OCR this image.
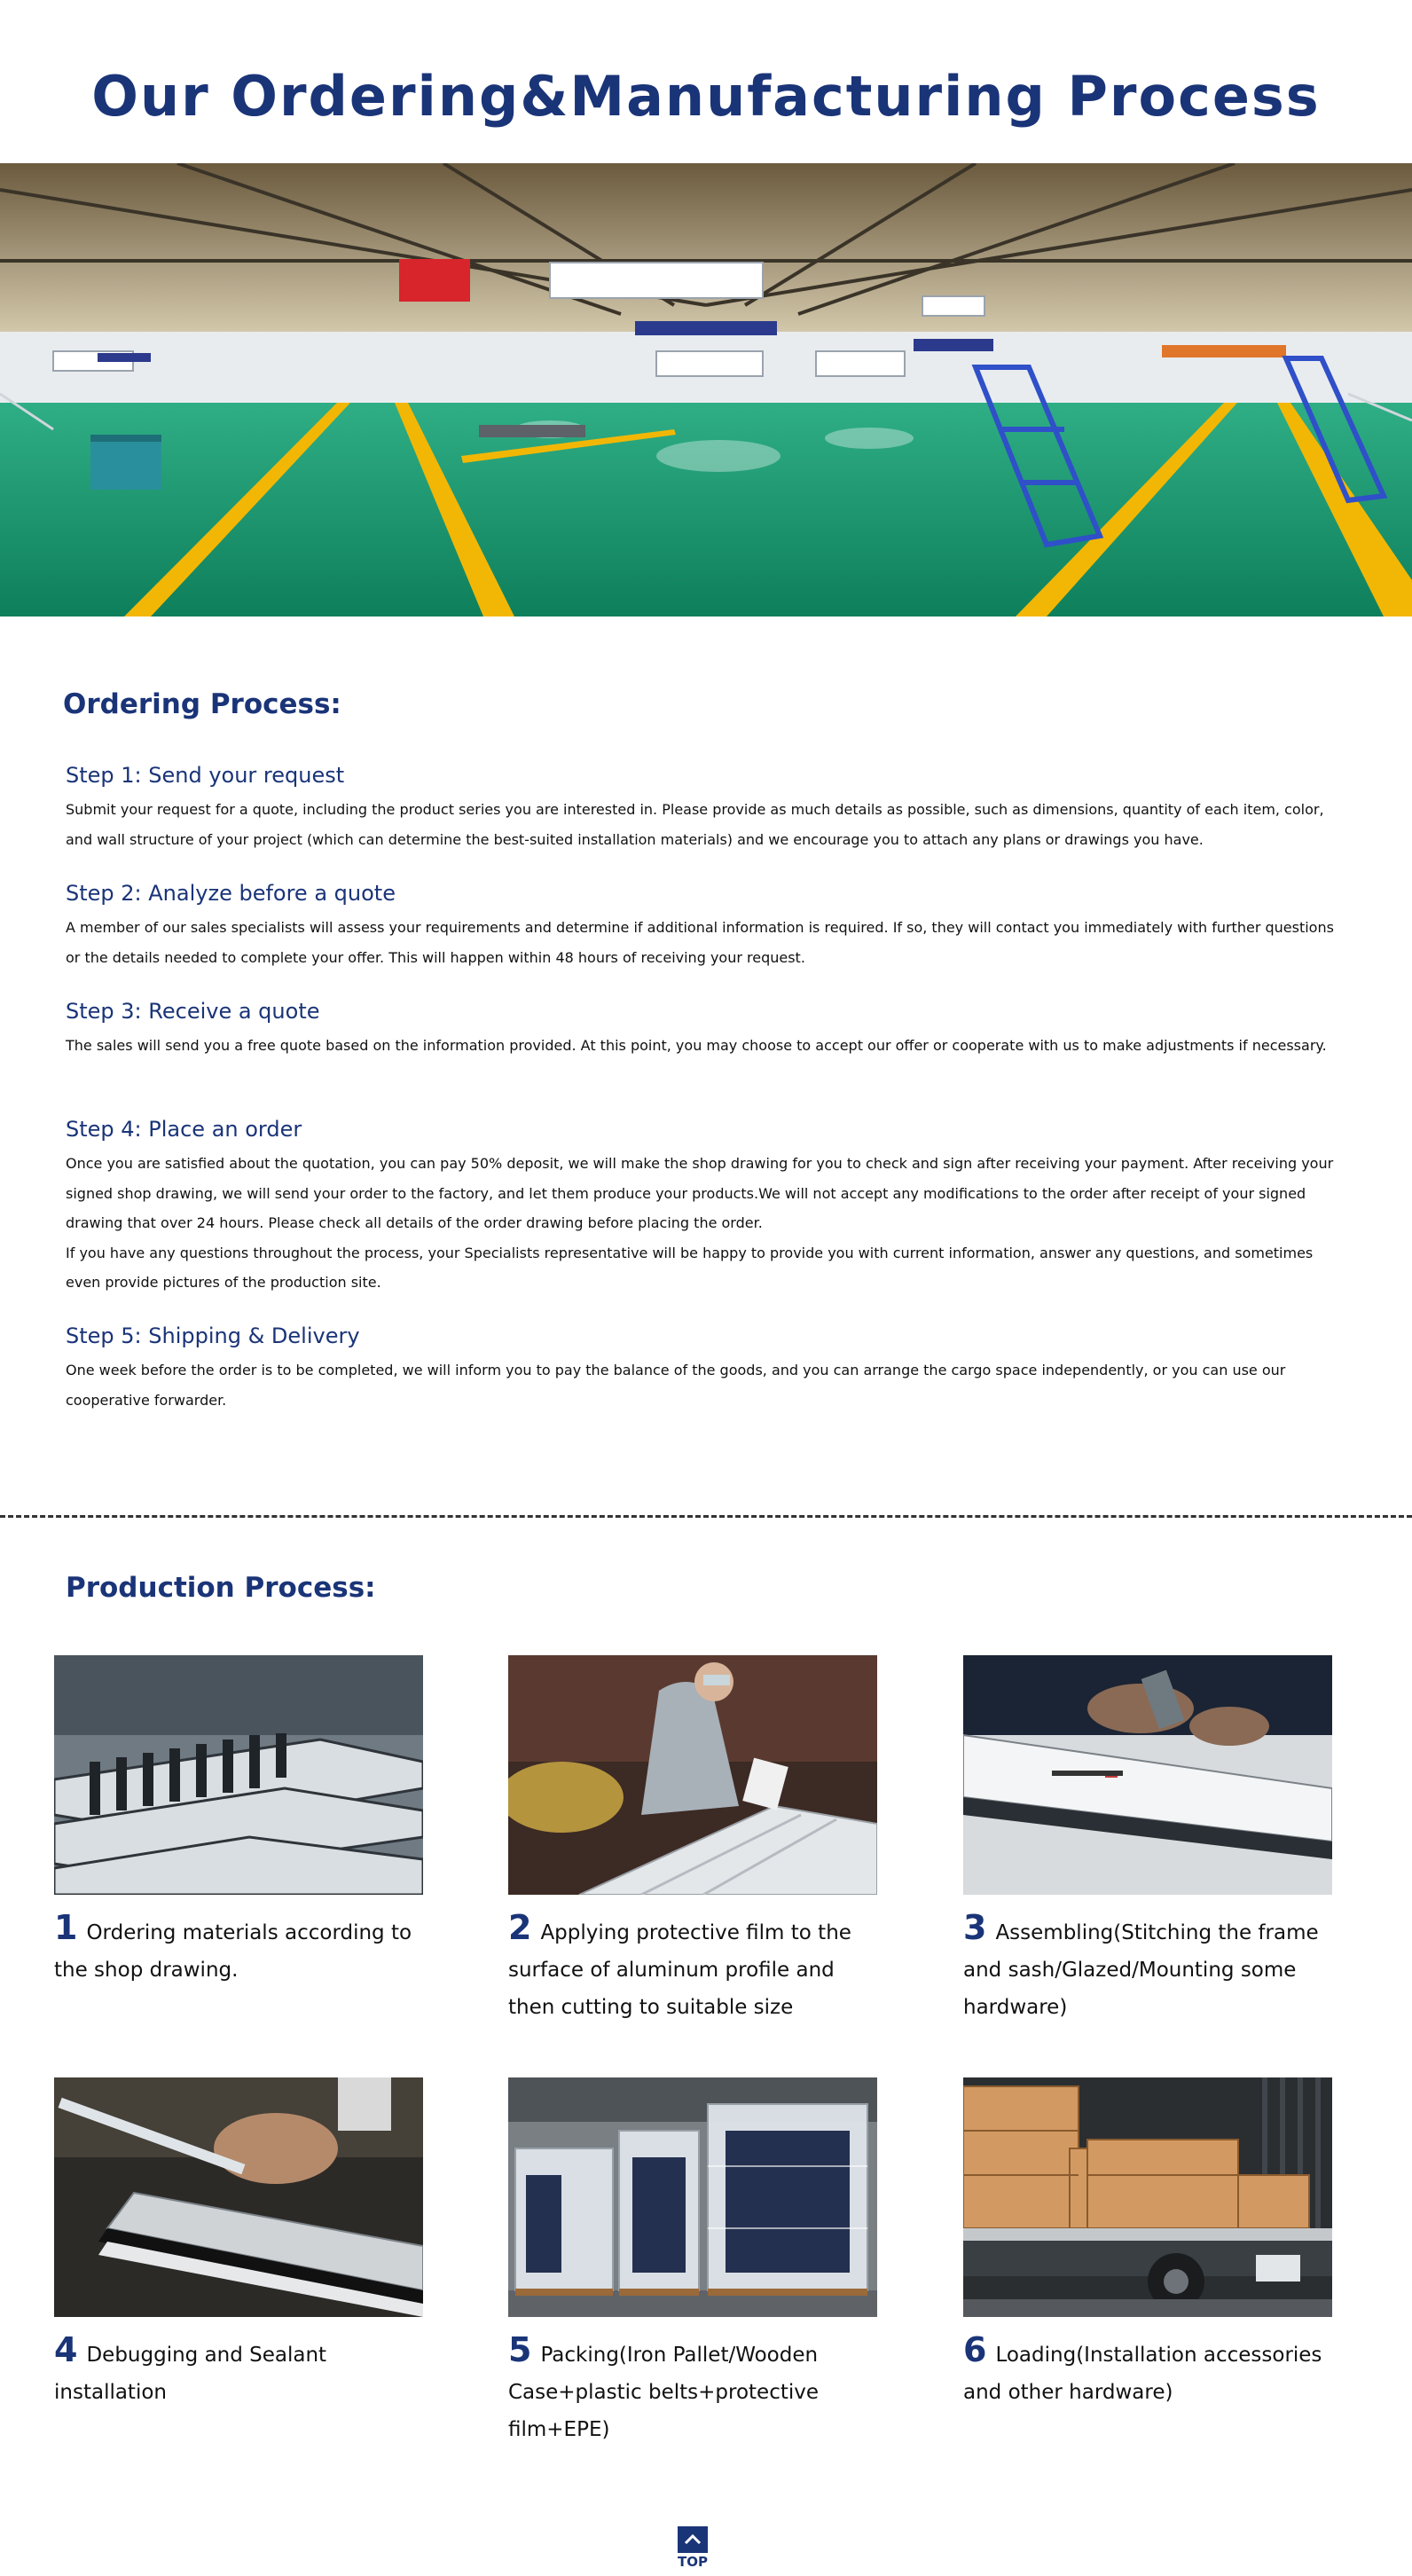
Our Ordering&Manufacturing Process
Ordering Process:
Step 1: Send your request

Submit your request for a quote, including the product series you are interested in. Please provide as much details as possible, such as dimensions, quantity of each item, color, and wall structure of your project (which can determine the best-suited installation materials) and we encourage you to attach any plans or drawings you have.

Step 2: Analyze before a quote

A member of our sales specialists will assess your requirements and determine if additional information is required. If so, they will contact you immediately with further questions or the details needed to complete your offer. This will happen within 48 hours of receiving your request.

Step 3: Receive a quote

The sales will send you a free quote based on the information provided. At this point, you may choose to accept our offer or cooperate with us to make adjustments if necessary.

Step 4: Place an order

Once you are satisfied about the quotation, you can pay 50% deposit, we will make the shop drawing for you to check and sign after receiving your payment. After receiving your signed shop drawing, we will send your order to the factory, and let them produce your products.We will not accept any modifications to the order after receipt of your signed drawing that over 24 hours. Please check all details of the order drawing before placing the order.

If you have any questions throughout the process, your Specialists representative will be happy to provide you with current information, answer any questions, and sometimes even provide pictures of the production site.

Step 5: Shipping & Delivery

One week before the order is to be completed, we will inform you to pay the balance of the goods, and you can arrange the cargo space independently, or you can use our cooperative forwarder.

Production Process:

1 Ordering materials according to the shop drawing.

2 Applying protective film to the surface of aluminum profile and then cutting to suitable size

3 Assembling(Stitching the frame and sash/Glazed/Mounting some hardware)

4 Debugging and Sealant installation

5 Packing(Iron Pallet/Wooden Case+plastic belts+protective film+EPE)

6 Loading(Installation accessories and other hardware)

TOP
